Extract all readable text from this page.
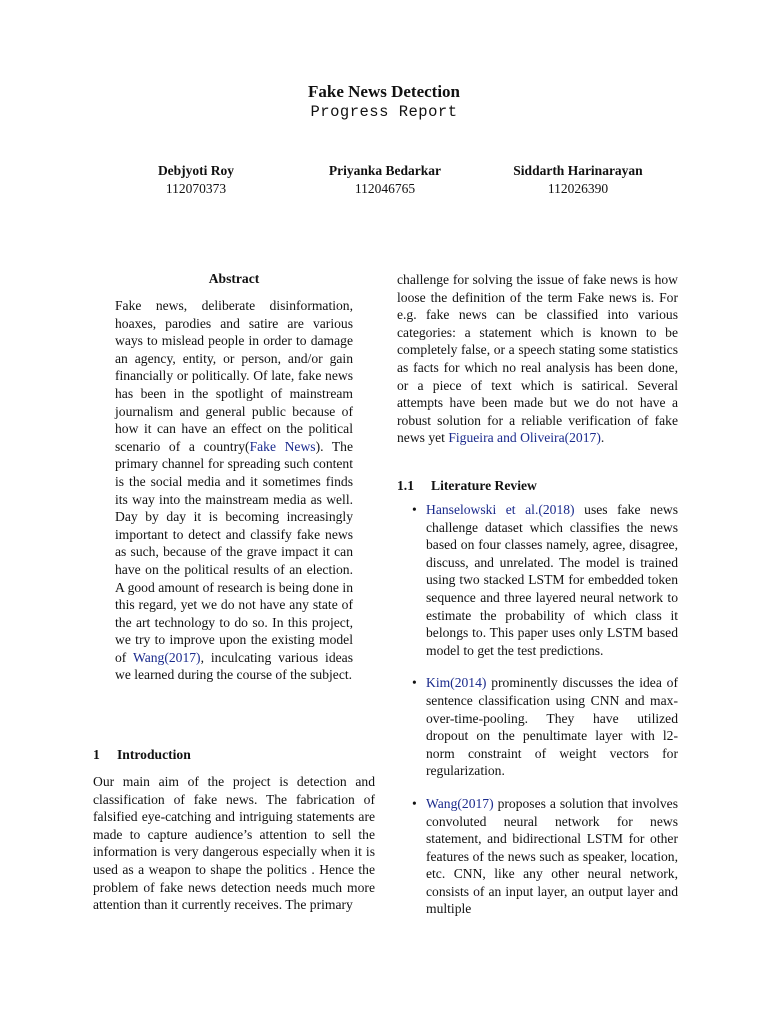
Fake News Detection
Progress Report
Debjyoti Roy
112070373
Priyanka Bedarkar
112046765
Siddarth Harinarayan
112026390
Abstract

Fake news, deliberate disinformation, hoaxes, parodies and satire are various ways to mislead people in order to damage an agency, entity, or person, and/or gain financially or politically. Of late, fake news has been in the spotlight of mainstream journalism and general public because of how it can have an effect on the political scenario of a country(Fake News). The primary channel for spreading such content is the social media and it sometimes finds its way into the mainstream media as well. Day by day it is becoming increasingly important to detect and classify fake news as such, because of the grave impact it can have on the political results of an election. A good amount of research is being done in this regard, yet we do not have any state of the art technology to do so. In this project, we try to improve upon the existing model of Wang(2017), inculcating various ideas we learned during the course of the subject.

1 Introduction

Our main aim of the project is detection and classification of fake news. The fabrication of falsified eye-catching and intriguing statements are made to capture audience’s attention to sell the information is very dangerous especially when it is used as a weapon to shape the politics . Hence the problem of fake news detection needs much more attention than it currently receives. The primary

challenge for solving the issue of fake news is how loose the definition of the term Fake news is. For e.g. fake news can be classified into various categories: a statement which is known to be completely false, or a speech stating some statistics as facts for which no real analysis has been done, or a piece of text which is satirical. Several attempts have been made but we do not have a robust solution for a reliable verification of fake news yet Figueira and Oliveira(2017).

1.1 Literature Review
• Hanselowski et al.(2018) uses fake news challenge dataset which classifies the news based on four classes namely, agree, disagree, discuss, and unrelated. The model is trained using two stacked LSTM for embedded token sequence and three layered neural network to estimate the probability of which class it belongs to. This paper uses only LSTM based model to get the test predictions.

• Kim(2014) prominently discusses the idea of sentence classification using CNN and max-over-time-pooling. They have utilized dropout on the penultimate layer with l2-norm constraint of weight vectors for regularization.

• Wang(2017) proposes a solution that involves convoluted neural network for news statement, and bidirectional LSTM for other features of the news such as speaker, location, etc. CNN, like any other neural network, consists of an input layer, an output layer and multiple
